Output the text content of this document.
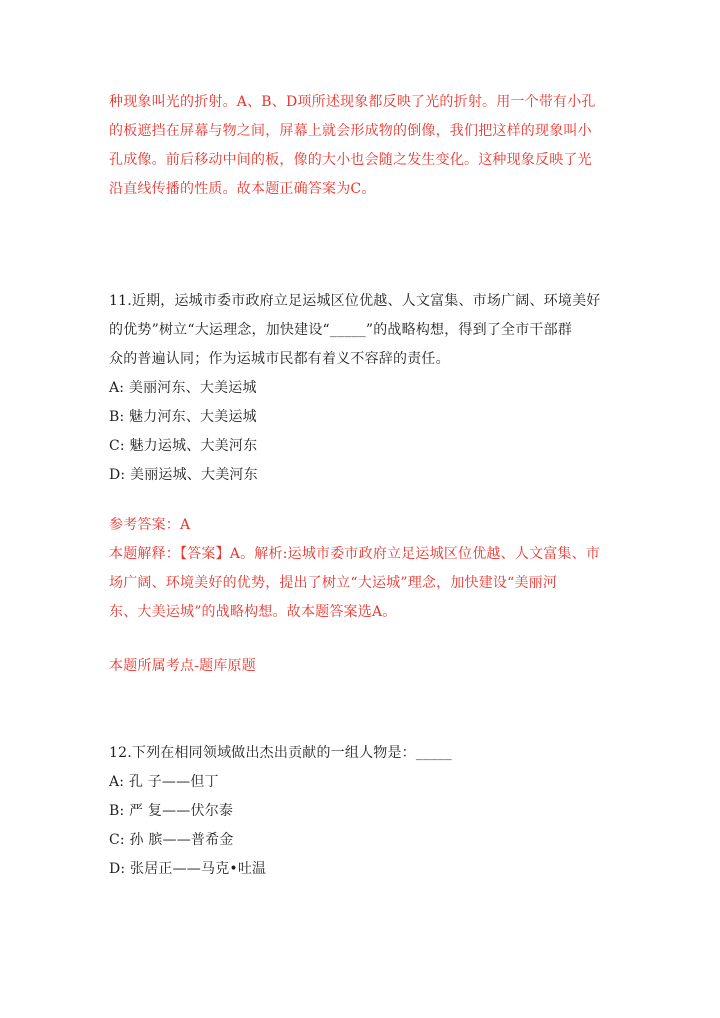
种现象叫光的折射。A、B、D项所述现象都反映了光的折射。用一个带有小孔
的板遮挡在屏幕与物之间，屏幕上就会形成物的倒像，我们把这样的现象叫小
孔成像。前后移动中间的板，像的大小也会随之发生变化。这种现象反映了光
沿直线传播的性质。故本题正确答案为C。
11.近期，运城市委市政府立足运城区位优越、人文富集、市场广阔、环境美好
的优势”树立“大运理念，加快建设“_____”的战略构想，得到了全市干部群
众的普遍认同；作为运城市民都有着义不容辞的责任。
A: 美丽河东、大美运城
B: 魅力河东、大美运城
C: 魅力运城、大美河东
D: 美丽运城、大美河东
参考答案：A
本题解释：【答案】A。解析:运城市委市政府立足运城区位优越、人文富集、市
场广阔、环境美好的优势，提出了树立“大运城”理念，加快建设“美丽河
东、大美运城”的战略构想。故本题答案选A。
本题所属考点-题库原题
12.下列在相同领域做出杰出贡献的一组人物是：_____
A: 孔 子——但丁
B: 严 复——伏尔泰
C: 孙 膑——普希金
D: 张居正——马克•吐温
